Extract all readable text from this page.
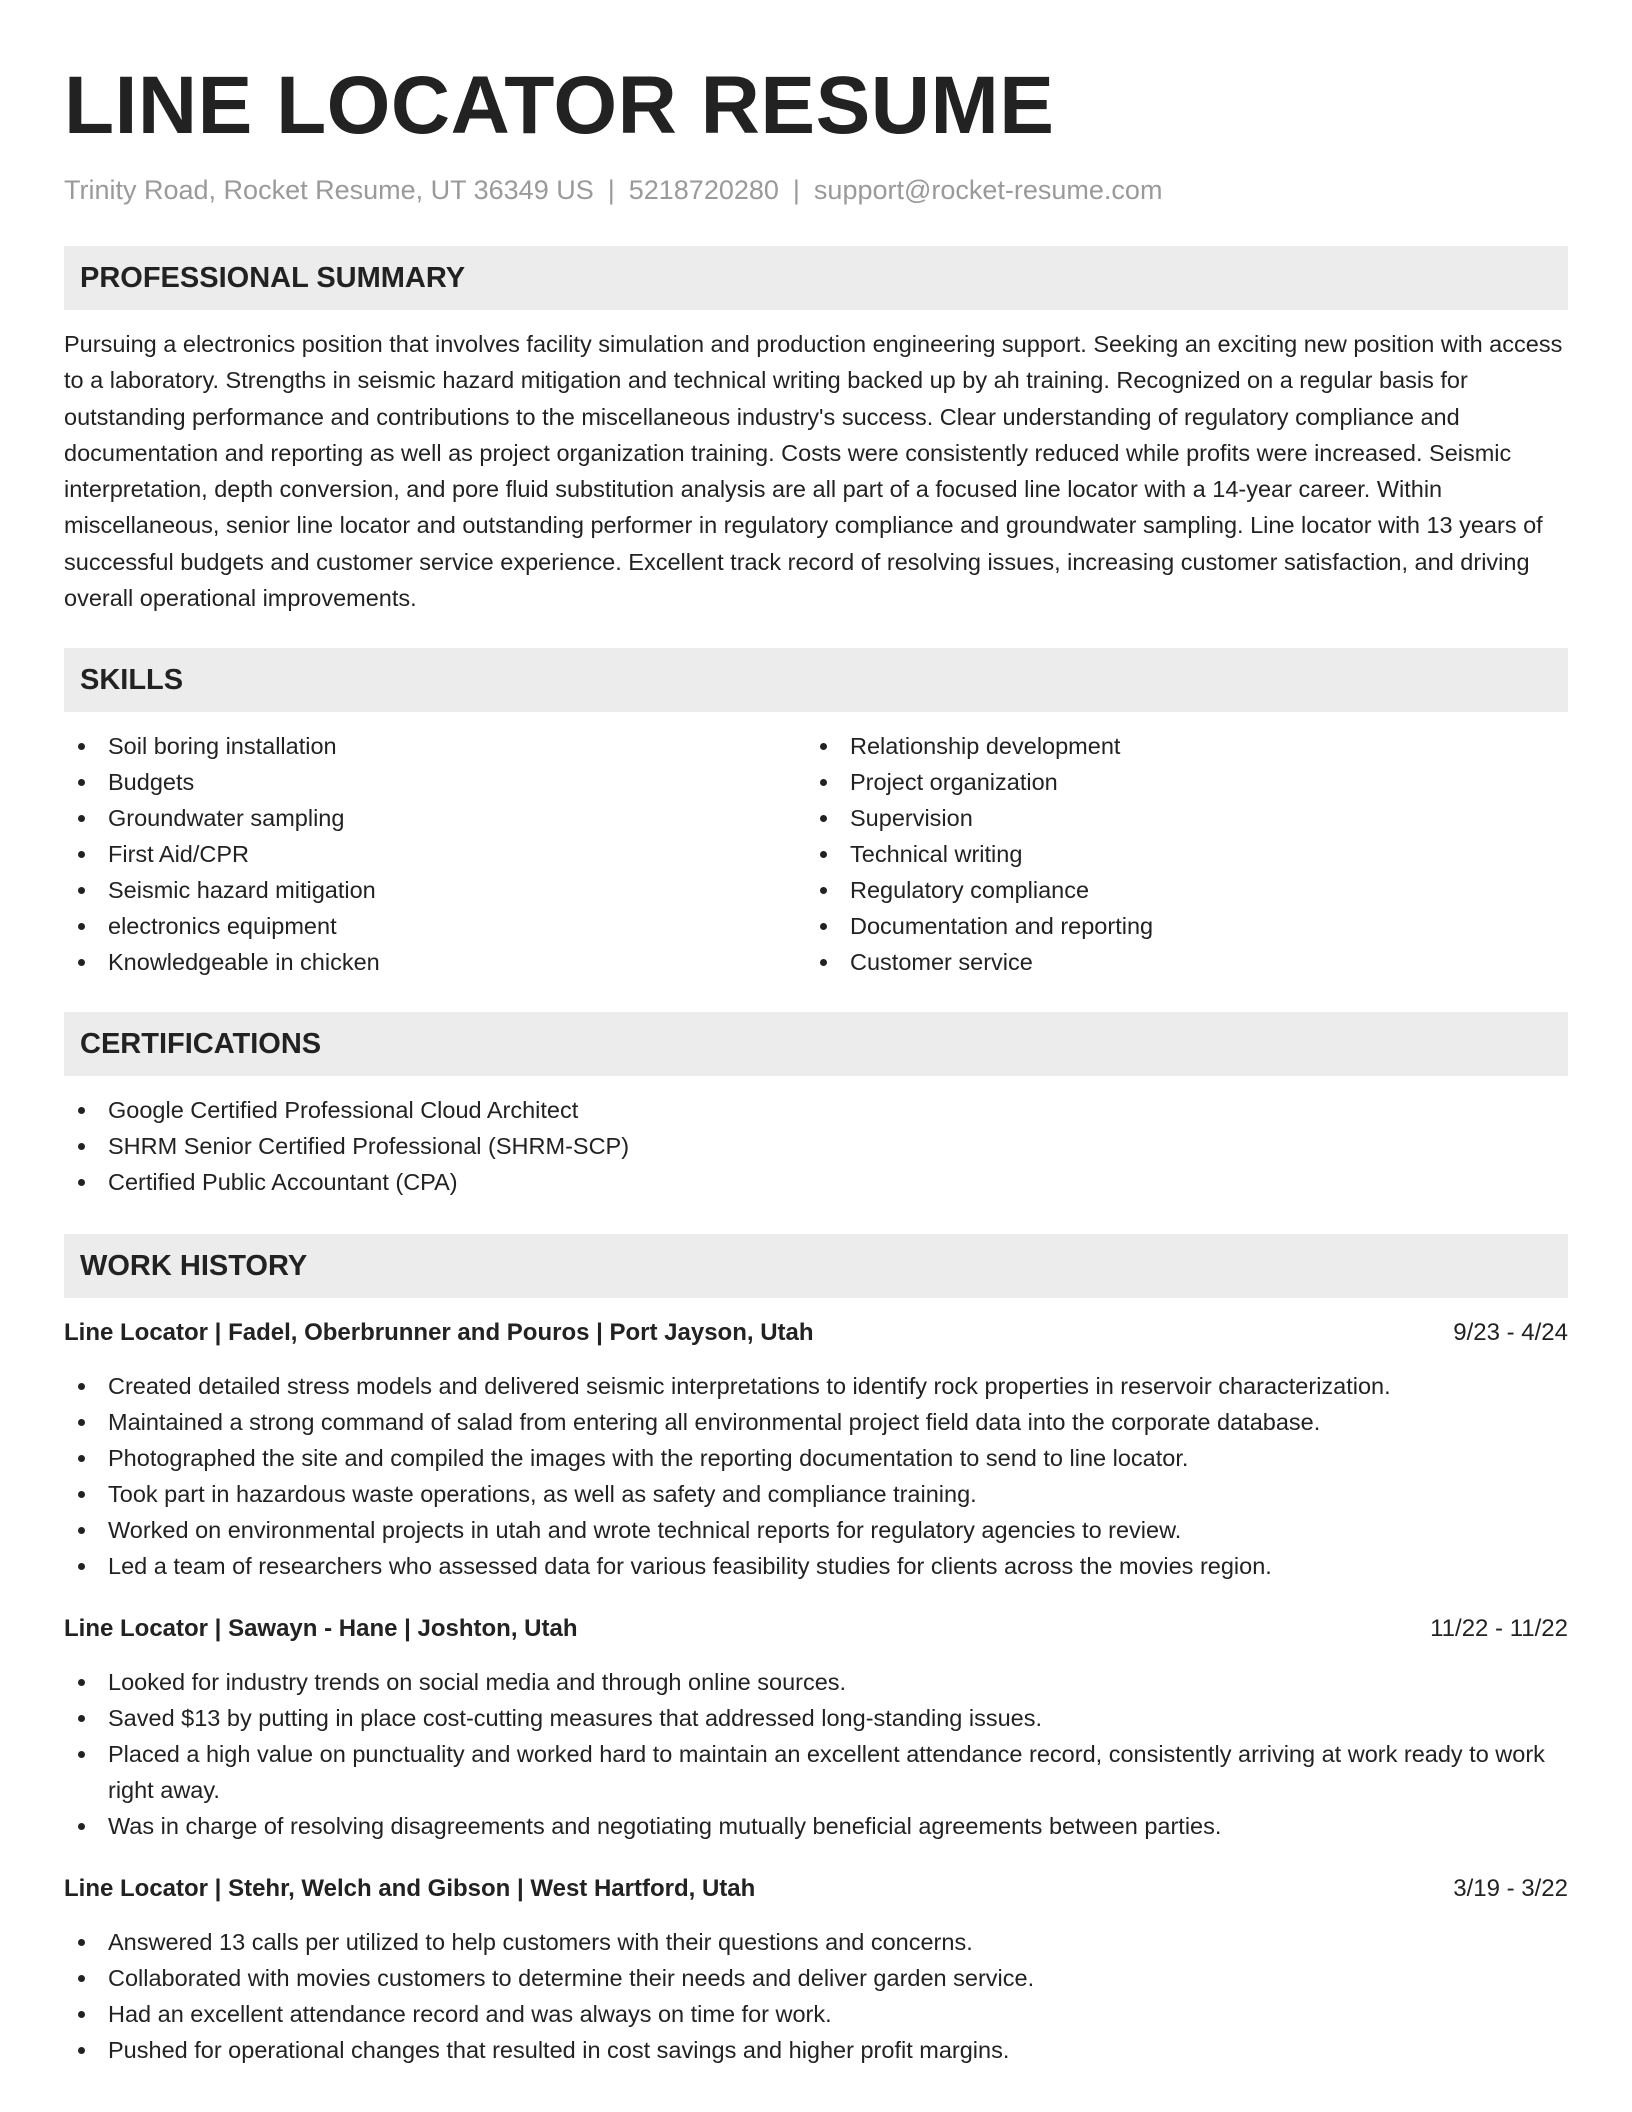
LINE LOCATOR RESUME
Trinity Road, Rocket Resume, UT 36349 US | 5218720280 | support@rocket-resume.com
PROFESSIONAL SUMMARY

Pursuing a electronics position that involves facility simulation and production engineering support. Seeking an exciting new position with access to a laboratory. Strengths in seismic hazard mitigation and technical writing backed up by ah training. Recognized on a regular basis for outstanding performance and contributions to the miscellaneous industry's success. Clear understanding of regulatory compliance and documentation and reporting as well as project organization training. Costs were consistently reduced while profits were increased. Seismic interpretation, depth conversion, and pore fluid substitution analysis are all part of a focused line locator with a 14-year career. Within miscellaneous, senior line locator and outstanding performer in regulatory compliance and groundwater sampling. Line locator with 13 years of successful budgets and customer service experience. Excellent track record of resolving issues, increasing customer satisfaction, and driving overall operational improvements.

SKILLS
Soil boring installation
Budgets
Groundwater sampling
First Aid/CPR
Seismic hazard mitigation
electronics equipment
Knowledgeable in chicken
Relationship development
Project organization
Supervision
Technical writing
Regulatory compliance
Documentation and reporting
Customer service
CERTIFICATIONS
Google Certified Professional Cloud Architect
SHRM Senior Certified Professional (SHRM-SCP)
Certified Public Accountant (CPA)
WORK HISTORY
Line Locator | Fadel, Oberbrunner and Pouros | Port Jayson, Utah	9/23 - 4/24
Created detailed stress models and delivered seismic interpretations to identify rock properties in reservoir characterization.
Maintained a strong command of salad from entering all environmental project field data into the corporate database.
Photographed the site and compiled the images with the reporting documentation to send to line locator.
Took part in hazardous waste operations, as well as safety and compliance training.
Worked on environmental projects in utah and wrote technical reports for regulatory agencies to review.
Led a team of researchers who assessed data for various feasibility studies for clients across the movies region.
Line Locator | Sawayn - Hane | Joshton, Utah	11/22 - 11/22
Looked for industry trends on social media and through online sources.
Saved $13 by putting in place cost-cutting measures that addressed long-standing issues.
Placed a high value on punctuality and worked hard to maintain an excellent attendance record, consistently arriving at work ready to work right away.
Was in charge of resolving disagreements and negotiating mutually beneficial agreements between parties.
Line Locator | Stehr, Welch and Gibson | West Hartford, Utah	3/19 - 3/22
Answered 13 calls per utilized to help customers with their questions and concerns.
Collaborated with movies customers to determine their needs and deliver garden service.
Had an excellent attendance record and was always on time for work.
Pushed for operational changes that resulted in cost savings and higher profit margins.
